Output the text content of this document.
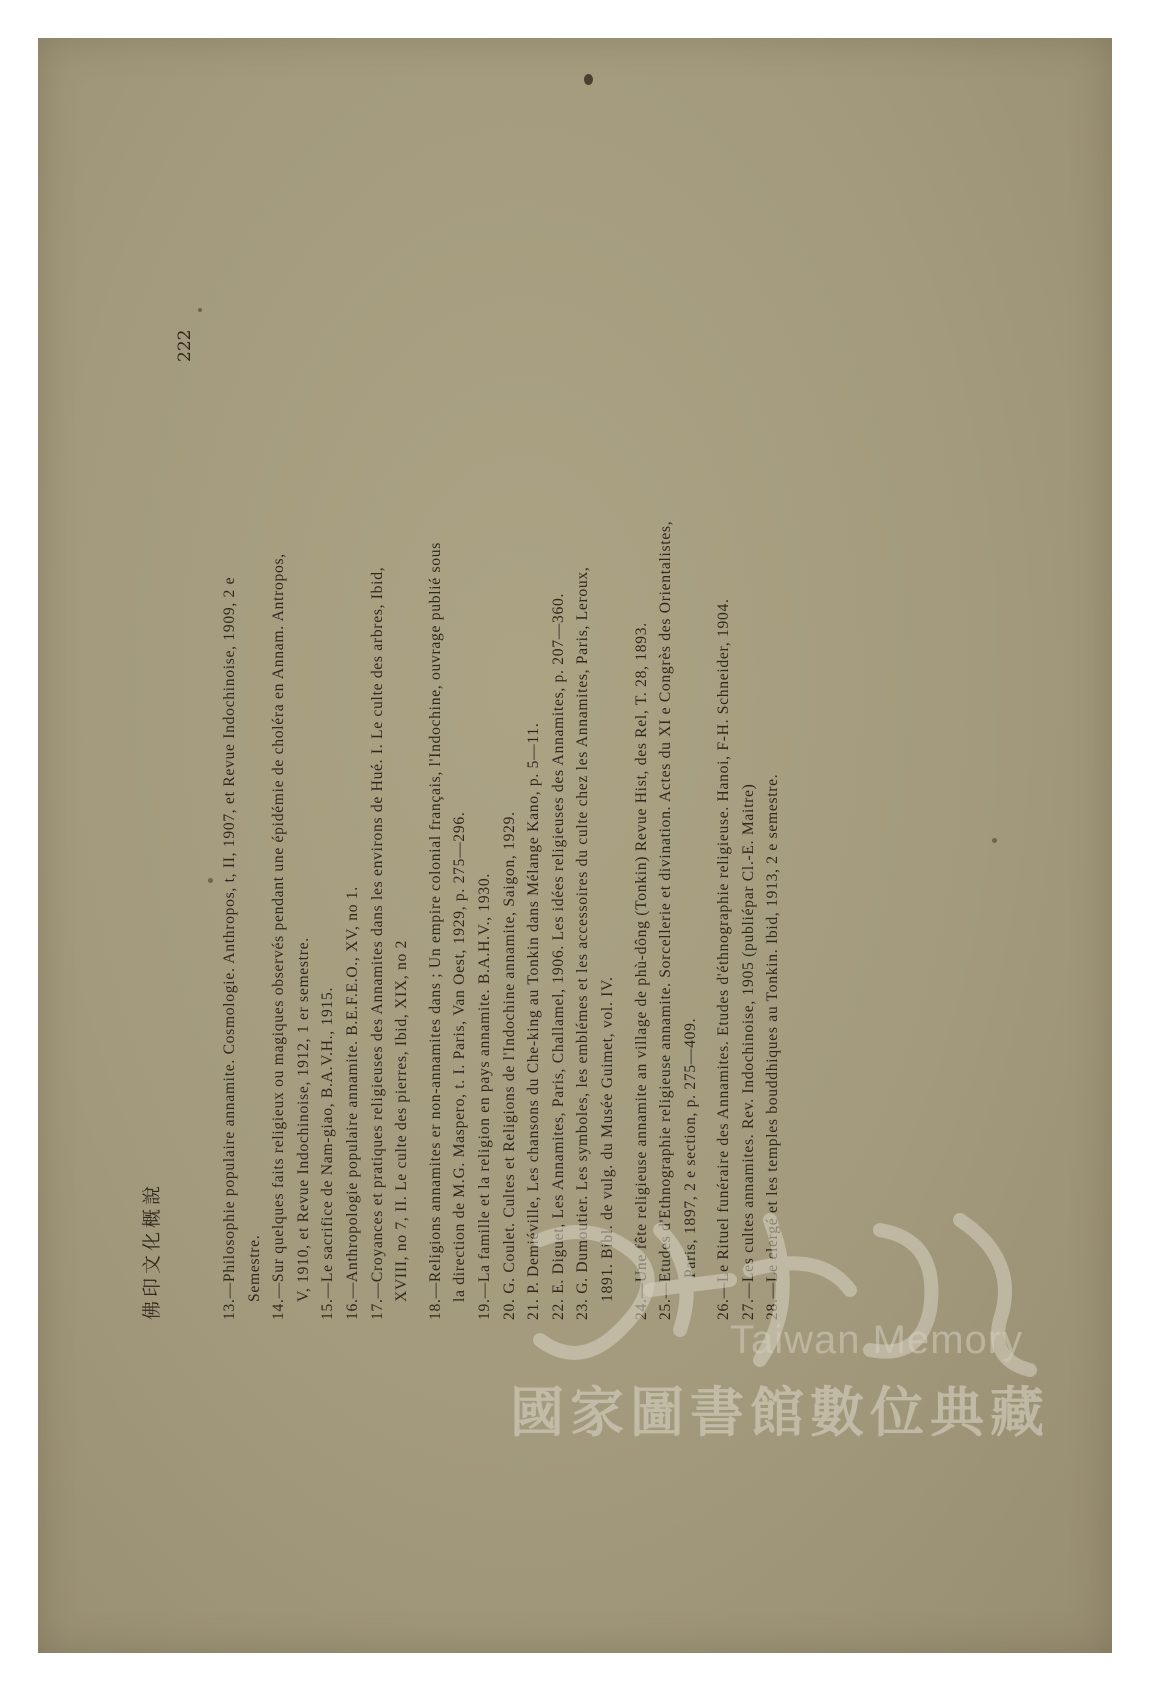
佛印文化概說
222
13.—Philosophie populaire annamite. Cosmologie. Anthropos, t, II, 1907, et Revue Indochinoise, 1909, 2 e Semestre. 14.—Sur quelques faits religieux ou magiques observés pendant une épidémie de choléra en Annam. Antropos, V, 1910, et Revue Indochinoise, 1912, 1 er semestre. 15.—Le sacrifice de Nam-giao, B.A.V.H., 1915.
16.—Anthropologie populaire annamite. B.E.F.E.O., XV, no 1.
17.—Croyances et pratiques religieuses des Annamites dans les environs de Hué. I. Le culte des arbres, Ibid, XVIII, no 7, II. Le culte des pierres, Ibid, XIX, no 2 18.—Religions annamites er non-annamites dans ; Un empire colonial français, l'Indochine, ouvrage publié sous la direction de M.G. Maspero, t. I. Paris, Van Oest, 1929, p. 275—296. 19.—La famille et la religion en pays annamite. B.A.H.V., 1930.
20. G. Coulet. Cultes et Religions de l'Indochine annamite, Saigon, 1929.
21. P. Demiéville, Les chansons du Che-king au Tonkin dans Mélange Kano, p. 5—11.
22. E. Diguet, Les Annamites, Paris, Challamel, 1906. Les idées religieuses des Annamites, p. 207—360.
23. G. Dumoutier. Les symboles, les emblémes et les accessoires du culte chez les Annamites, Paris, Leroux, 1891. Bibl. de vulg. du Musée Guimet, vol. IV. 24.—Une fête religieuse annamite an village de phù-dông (Tonkin) Revue Hist, des Rel, T. 28, 1893.
25.—Etudes d'Ethnographie religieuse annamite. Sorcellerie et divination. Actes du XI e Congrès des Orientalistes, Paris, 1897, 2 e section, p. 275—409.
26.—Le Rituel funéraire des Annamites. Etudes d'éthnographie religieuse. Hanoi, F-H. Schneider, 1904.
27.—Les cultes annamites. Rev. Indochinoise, 1905 (publiépar Cl.-E. Maitre)
28.—Le clergé et les temples bouddhiques au Tonkin. Ibid, 1913, 2 e semestre.
Taiwan Memory
國家圖書館數位典藏
